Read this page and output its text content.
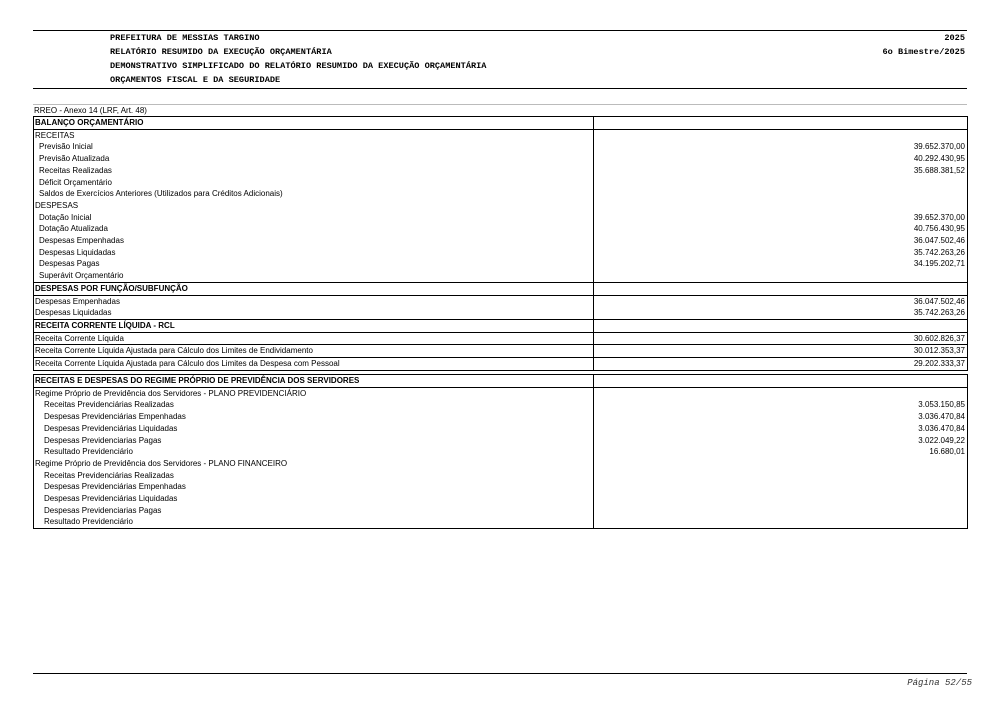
PREFEITURA DE MESSIAS TARGINO	2025
RELATÓRIO RESUMIDO DA EXECUÇÃO ORÇAMENTÁRIA	6o Bimestre/2025
DEMONSTRATIVO SIMPLIFICADO DO RELATÓRIO RESUMIDO DA EXECUÇÃO ORÇAMENTÁRIA
ORÇAMENTOS FISCAL E DA SEGURIDADE
RREO - Anexo 14 (LRF, Art. 48)
BALANÇO ORÇAMENTÁRIO	
RECEITAS	
Previsão Inicial	39.652.370,00
Previsão Atualizada	40.292.430,95
Receitas Realizadas	35.688.381,52
Déficit Orçamentário	
Saldos de Exercícios Anteriores (Utilizados para Créditos Adicionais)	
DESPESAS	
Dotação Inicial	39.652.370,00
Dotação Atualizada	40.756.430,95
Despesas Empenhadas	36.047.502,46
Despesas Liquidadas	35.742.263,26
Despesas Pagas	34.195.202,71
Superávit Orçamentário	
DESPESAS POR FUNÇÃO/SUBFUNÇÃO	
Despesas Empenhadas	36.047.502,46
Despesas Liquidadas	35.742.263,26
RECEITA CORRENTE LÍQUIDA - RCL	
Receita Corrente Líquida	30.602.826,37
Receita Corrente Líquida Ajustada para Cálculo dos Limites de Endividamento	30.012.353,37
Receita Corrente Líquida Ajustada para Cálculo dos Limites da Despesa com Pessoal	29.202.333,37
RECEITAS E DESPESAS DO REGIME PRÓPRIO DE PREVIDÊNCIA DOS SERVIDORES	
Regime Próprio de Previdência dos Servidores - PLANO PREVIDENCIÁRIO	
Receitas Previdenciárias Realizadas	3.053.150,85
Despesas Previdenciárias Empenhadas	3.036.470,84
Despesas Previdenciárias Liquidadas	3.036.470,84
Despesas Previdenciarias Pagas	3.022.049,22
Resultado Previdenciário	16.680,01
Regime Próprio de Previdência dos Servidores - PLANO FINANCEIRO	
Receitas Previdenciárias Realizadas	
Despesas Previdenciárias Empenhadas	
Despesas Previdenciárias Liquidadas	
Despesas Previdenciarias Pagas	
Resultado Previdenciário	
Página 52/55
